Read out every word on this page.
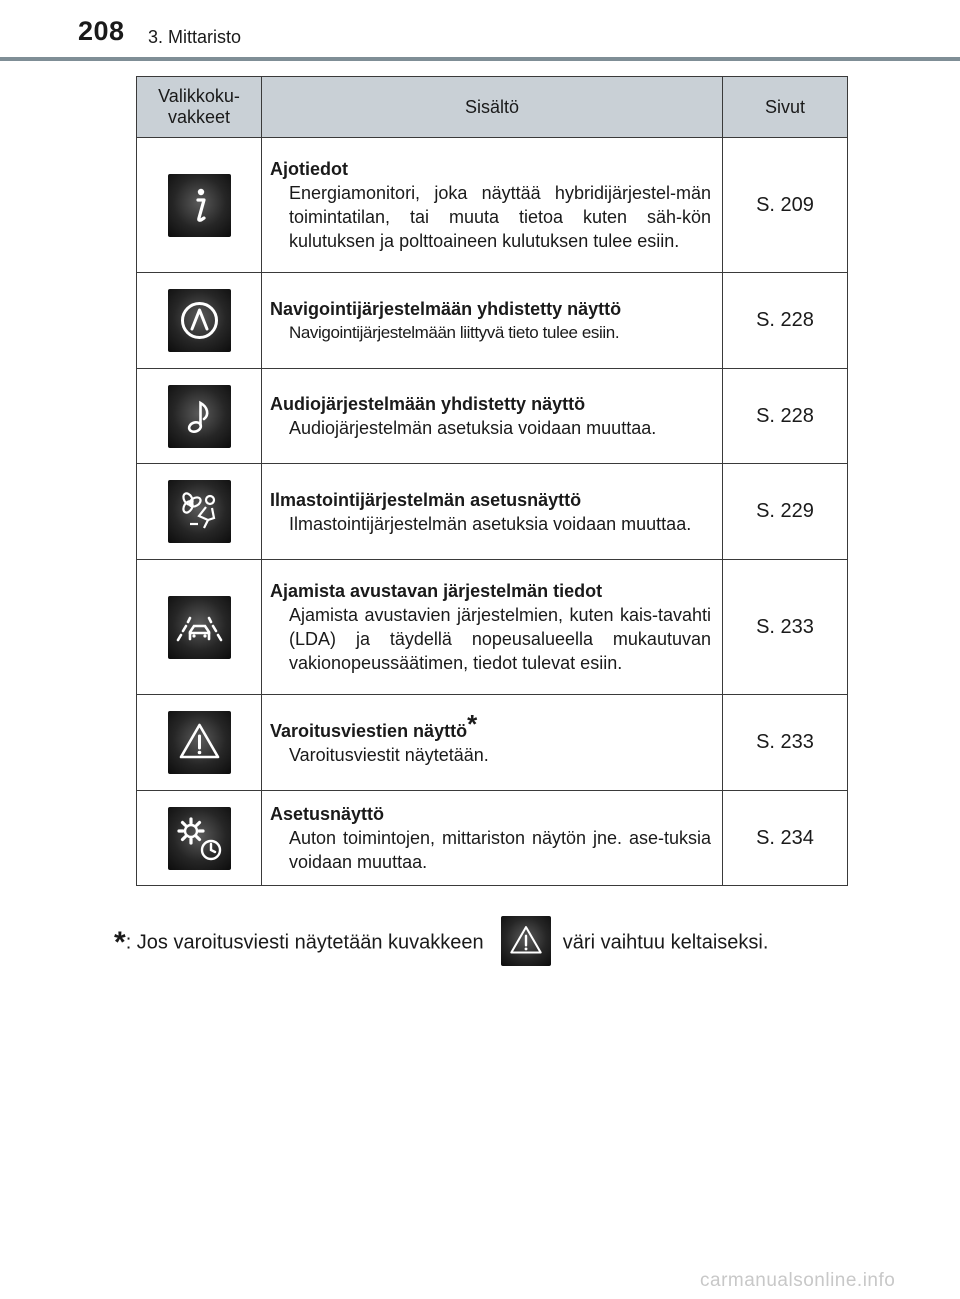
208 3. Mittaristo
Valikkoku-
vakkeet	Sisältö	Sivut

Ajotiedot
Energiamonitori, joka näyttää hybridijärjestel-män toimintatilan, tai muuta tietoa kuten säh-kön kulutuksen ja polttoaineen kulutuksen tulee esiin.	S. 209

Navigointijärjestelmään yhdistetty näyttö
Navigointijärjestelmään liittyvä tieto tulee esiin.	S. 228

Audiojärjestelmään yhdistetty näyttö
Audiojärjestelmän asetuksia voidaan muuttaa.	S. 228

Ilmastointijärjestelmän asetusnäyttö
Ilmastointijärjestelmän asetuksia voidaan muuttaa.	S. 229

Ajamista avustavan järjestelmän tiedot
Ajamista avustavien järjestelmien, kuten kais-tavahti (LDA) ja täydellä nopeusalueella mukautuvan vakionopeussäätimen, tiedot tulevat esiin.	S. 233

Varoitusviestien näyttö*
Varoitusviestit näytetään.	S. 233

Asetusnäyttö
Auton toimintojen, mittariston näytön jne. ase-tuksia voidaan muuttaa.	S. 234
*: Jos varoitusviesti näytetään kuvakkeen	väri vaihtuu keltaiseksi.
carmanualsonline.info
